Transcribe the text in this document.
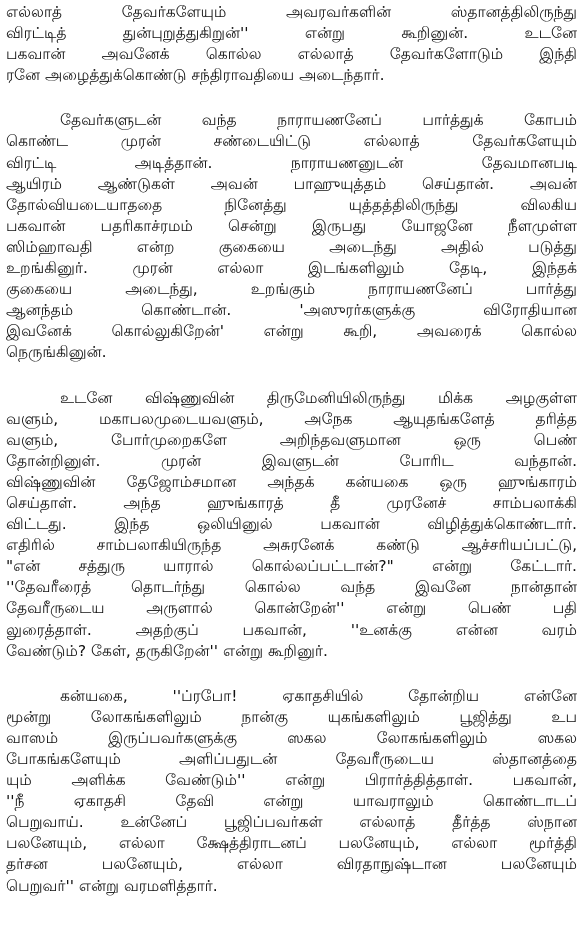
எல்லாத் தேவர்களேயும் அவரவர்களின் ஸ்தானத்திலிருந்து
விரட்டித் துன்புறுத்துகிறுன்'' என்று கூறினுன். உடனே
பகவான் அவனேக் கொல்ல எல்லாத் தேவர்களோடும் இந்தி
ரனே அழைத்துக்கொண்டு சந்திராவதியை அடைந்தார்.
தேவர்களுடன் வந்த நாராயணனேப் பார்த்துக் கோபம்
கொண்ட முரன் சண்டையிட்டு எல்லாத் தேவர்களேயும்
விரட்டி அடித்தான். நாராயணனுடன் தேவமானபடி
ஆயிரம் ஆண்டுகள் அவன் பாஹுயுத்தம் செய்தான். அவன்
தோல்வியடையாததை நினேத்து யுத்தத்திலிருந்து விலகிய
பகவான் பதரிகாச்ரமம் சென்று இருபது யோஜனே நீளமுள்ள
ஸிம்ஹாவதி என்ற குகையை அடைந்து அதில் படுத்து
உறங்கினுர். முரன் எல்லா இடங்களிலும் தேடி, இந்தக்
குகையை அடைந்து, உறங்கும் நாராயணனேப் பார்த்து
ஆனந்தம் கொண்டான். 'அஸுரர்களுக்கு விரோதியான
இவனேக் கொல்லுகிறேன்' என்று கூறி, அவரைக் கொல்ல
நெருங்கினுன்.
உடனே விஷ்ணுவின் திருமேனியிலிருந்து மிக்க அழகுள்ள
வளும், மகாபலமுடையவளும், அநேக ஆயுதங்களேத் தரித்த
வளும், போர்முறைகளே அறிந்தவளுமான ஒரு பெண்
தோன்றினுள். முரன் இவளுடன் போரிட வந்தான்.
விஷ்ணுவின் தேஜோம்சமான அந்தக் கன்யகை ஒரு ஹுங்காரம்
செய்தாள். அந்த ஹுங்காரத் தீ முரனேச் சாம்பலாக்கி
விட்டது. இந்த ஒலியினுல் பகவான் விழித்துக்கொண்டார்.
எதிரில் சாம்பலாகியிருந்த அசுரனேக் கண்டு ஆச்சரியப்பட்டு,
"என் சத்துரு யாரால் கொல்லப்பட்டான்?" என்று கேட்டார்.
''தேவரீரைத் தொடர்ந்து கொல்ல வந்த இவனே நான்தான்
தேவரீருடைய அருளால் கொன்றேன்'' என்று பெண் பதி
லுரைத்தாள். அதற்குப் பகவான், ''உனக்கு என்ன வரம்
வேண்டும்? கேள், தருகிறேன்'' என்று கூறினுர்.
கன்யகை, ''ப்ரபோ! ஏகாதசியில் தோன்றிய என்னே
மூன்று லோகங்களிலும் நான்கு யுகங்களிலும் பூஜித்து உப
வாஸம் இருப்பவர்களுக்கு ஸகல லோகங்களிலும் ஸகல
போகங்களேயும் அளிப்பதுடன் தேவரீருடைய ஸ்தானத்தை
யும் அளிக்க வேண்டும்'' என்று பிரார்த்தித்தாள். பகவான்,
''நீ ஏகாதசி தேவி என்று யாவராலும் கொண்டாடப்
பெறுவாய். உன்னேப் பூஜிப்பவர்கள் எல்லாத் தீர்த்த ஸ்நான
பலனேயும், எல்லா க்ஷேத்திராடனப் பலனேயும், எல்லா மூர்த்தி
தர்சன பலனேயும், எல்லா விரதாநுஷ்டான பலனேயும்
பெறுவர்'' என்று வரமளித்தார்.
